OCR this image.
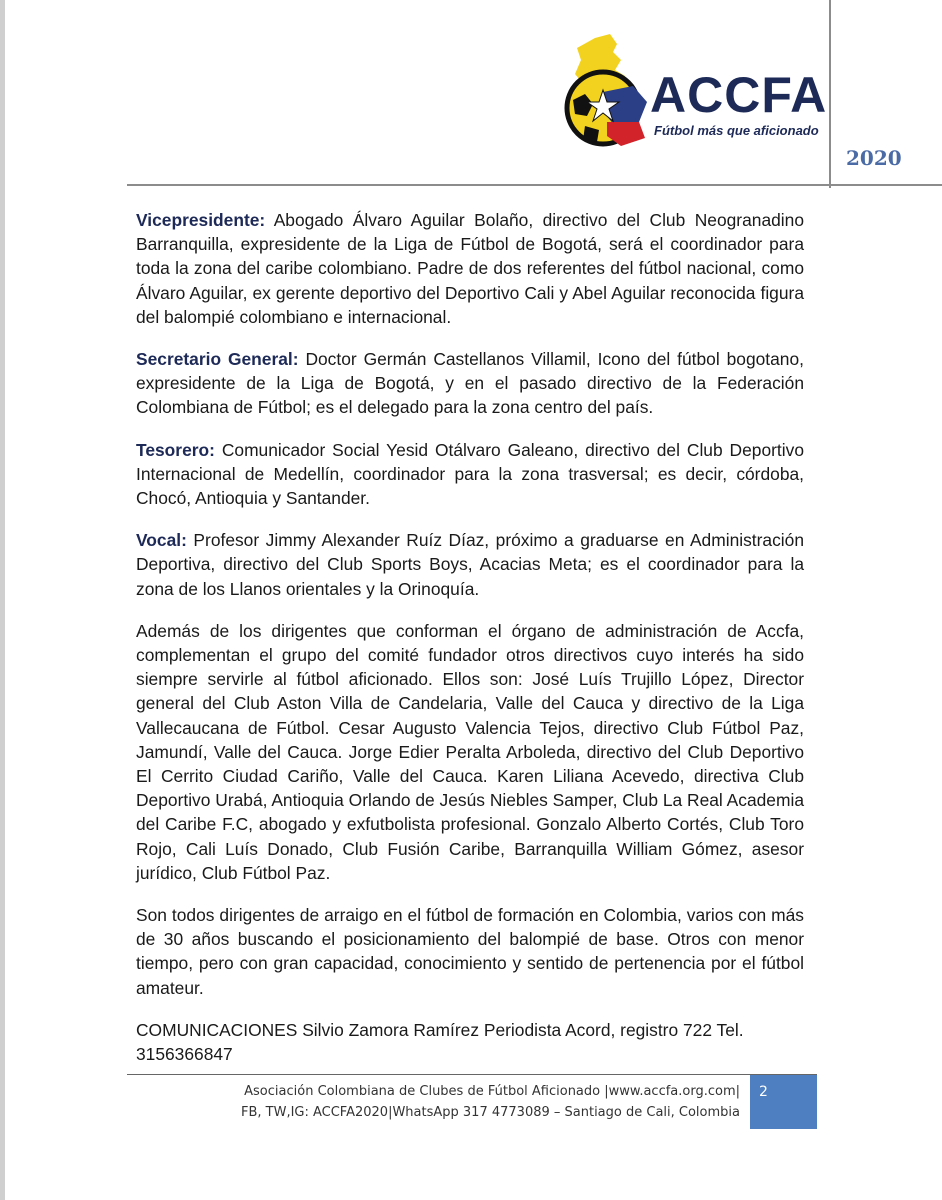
ACCFA
Fútbol más que aficionado
2020

Vicepresidente: Abogado Álvaro Aguilar Bolaño, directivo del Club Neogranadino Barranquilla, expresidente de la Liga de Fútbol de Bogotá, será el coordinador para toda la zona del caribe colombiano. Padre de dos referentes del fútbol nacional, como Álvaro Aguilar, ex gerente deportivo del Deportivo Cali y Abel Aguilar reconocida figura del balompié colombiano e internacional.

Secretario General: Doctor Germán Castellanos Villamil, Icono del fútbol bogotano, expresidente de la Liga de Bogotá, y en el pasado directivo de la Federación Colombiana de Fútbol; es el delegado para la zona centro del país.

Tesorero: Comunicador Social Yesid Otálvaro Galeano, directivo del Club Deportivo Internacional de Medellín, coordinador para la zona trasversal; es decir, córdoba, Chocó, Antioquia y Santander.

Vocal: Profesor Jimmy Alexander Ruíz Díaz, próximo a graduarse en Administración Deportiva, directivo del Club Sports Boys, Acacias Meta; es el coordinador para la zona de los Llanos orientales y la Orinoquía.

Además de los dirigentes que conforman el órgano de administración de Accfa, complementan el grupo del comité fundador otros directivos cuyo interés ha sido siempre servirle al fútbol aficionado. Ellos son: José Luís Trujillo López, Director general del Club Aston Villa de Candelaria, Valle del Cauca y directivo de la Liga Vallecaucana de Fútbol. Cesar Augusto Valencia Tejos, directivo Club Fútbol Paz, Jamundí, Valle del Cauca. Jorge Edier Peralta Arboleda, directivo del Club Deportivo El Cerrito Ciudad Cariño, Valle del Cauca. Karen Liliana Acevedo, directiva Club Deportivo Urabá, Antioquia Orlando de Jesús Niebles Samper, Club La Real Academia del Caribe F.C, abogado y exfutbolista profesional. Gonzalo Alberto Cortés, Club Toro Rojo, Cali Luís Donado, Club Fusión Caribe, Barranquilla William Gómez, asesor jurídico, Club Fútbol Paz.

Son todos dirigentes de arraigo en el fútbol de formación en Colombia, varios con más de 30 años buscando el posicionamiento del balompié de base. Otros con menor tiempo, pero con gran capacidad, conocimiento y sentido de pertenencia por el fútbol amateur.

COMUNICACIONES Silvio Zamora Ramírez Periodista Acord, registro 722 Tel. 3156366847

Asociación Colombiana de Clubes de Fútbol Aficionado |www.accfa.org.com|
FB, TW,IG: ACCFA2020|WhatsApp 317 4773089 – Santiago de Cali, Colombia
2
